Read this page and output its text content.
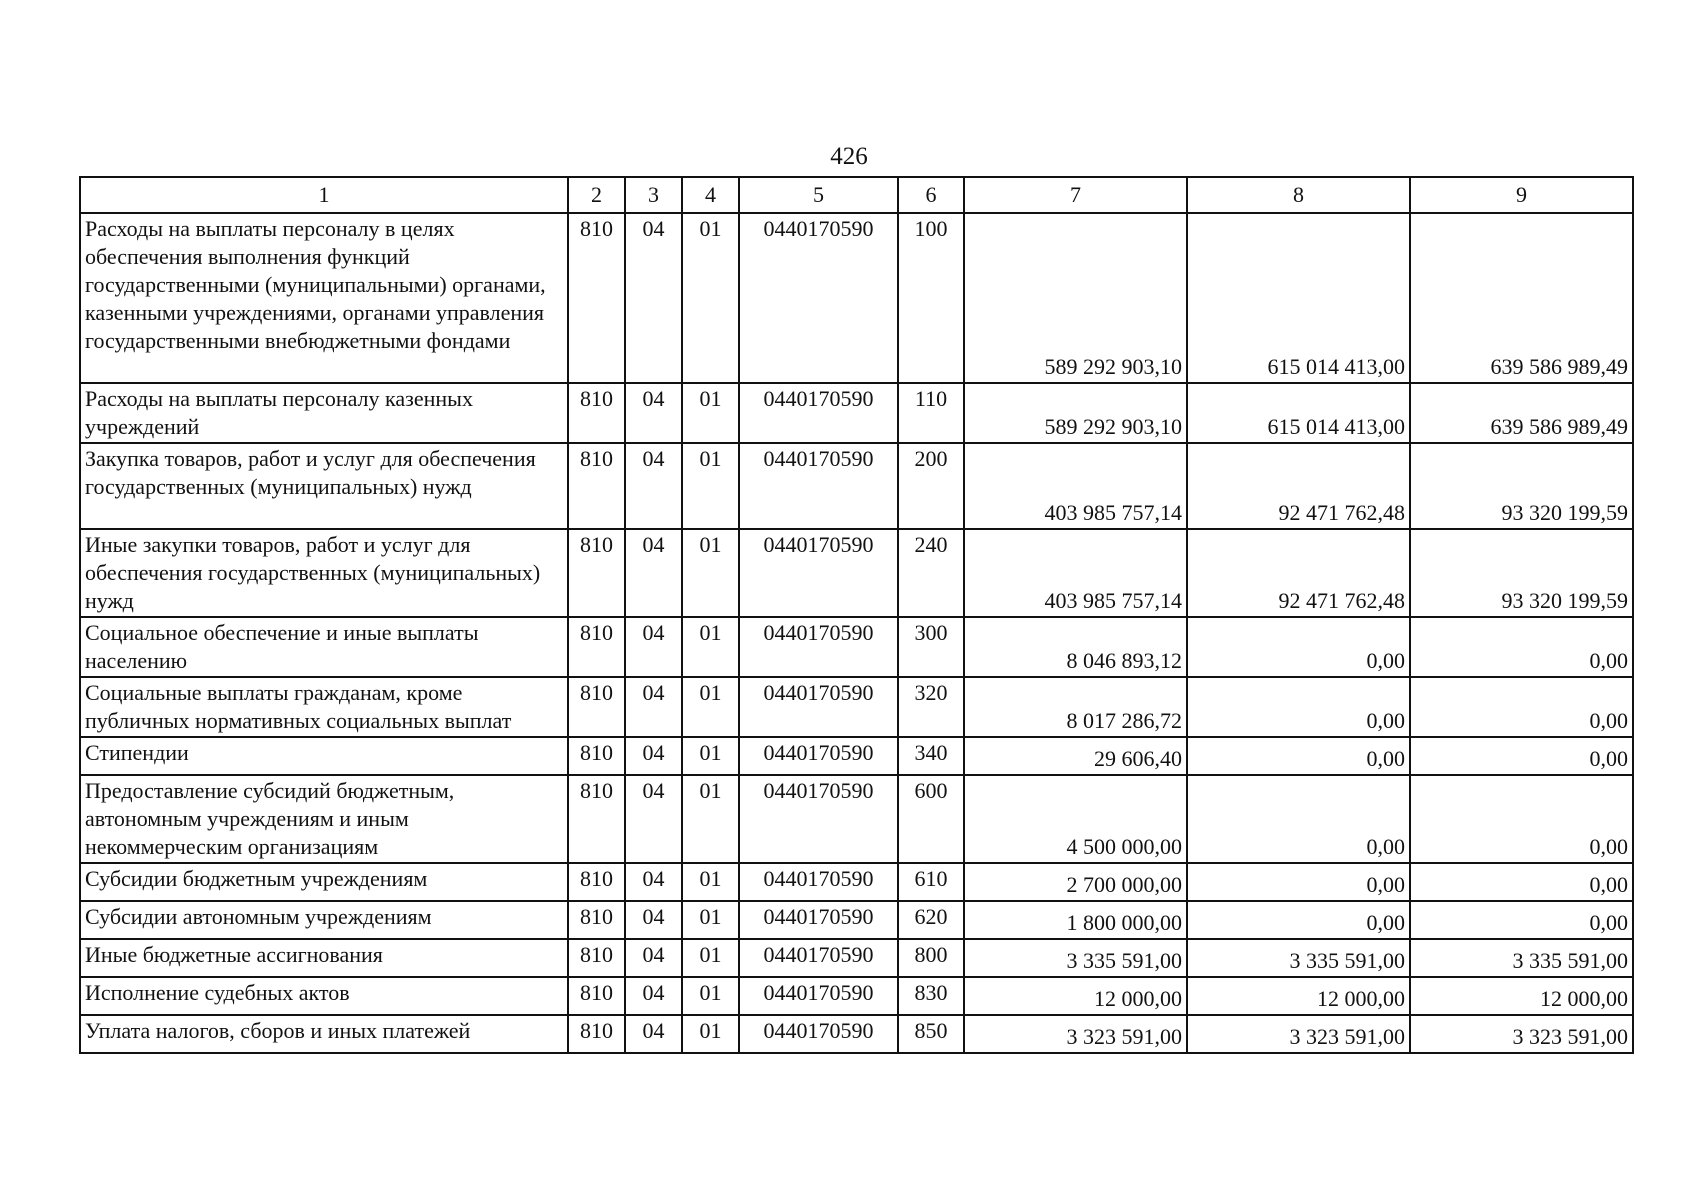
426
1	2	3	4	5	6	7	8	9
Расходы на выплаты персоналу в целях обеспечения выполнения функций государственными (муниципальными) органами, казенными учреждениями, органами управления государственными внебюджетными фондами	810	04	01	0440170590	100	589 292 903,10	615 014 413,00	639 586 989,49
Расходы на выплаты персоналу казенных учреждений	810	04	01	0440170590	110	589 292 903,10	615 014 413,00	639 586 989,49
Закупка товаров, работ и услуг для обеспечения государственных (муниципальных) нужд	810	04	01	0440170590	200	403 985 757,14	92 471 762,48	93 320 199,59
Иные закупки товаров, работ и услуг для обеспечения государственных (муниципальных) нужд	810	04	01	0440170590	240	403 985 757,14	92 471 762,48	93 320 199,59
Социальное обеспечение и иные выплаты населению	810	04	01	0440170590	300	8 046 893,12	0,00	0,00
Социальные выплаты гражданам, кроме публичных нормативных социальных выплат	810	04	01	0440170590	320	8 017 286,72	0,00	0,00
Стипендии	810	04	01	0440170590	340	29 606,40	0,00	0,00
Предоставление субсидий бюджетным, автономным учреждениям и иным некоммерческим организациям	810	04	01	0440170590	600	4 500 000,00	0,00	0,00
Субсидии бюджетным учреждениям	810	04	01	0440170590	610	2 700 000,00	0,00	0,00
Субсидии автономным учреждениям	810	04	01	0440170590	620	1 800 000,00	0,00	0,00
Иные бюджетные ассигнования	810	04	01	0440170590	800	3 335 591,00	3 335 591,00	3 335 591,00
Исполнение судебных актов	810	04	01	0440170590	830	12 000,00	12 000,00	12 000,00
Уплата налогов, сборов и иных платежей	810	04	01	0440170590	850	3 323 591,00	3 323 591,00	3 323 591,00
